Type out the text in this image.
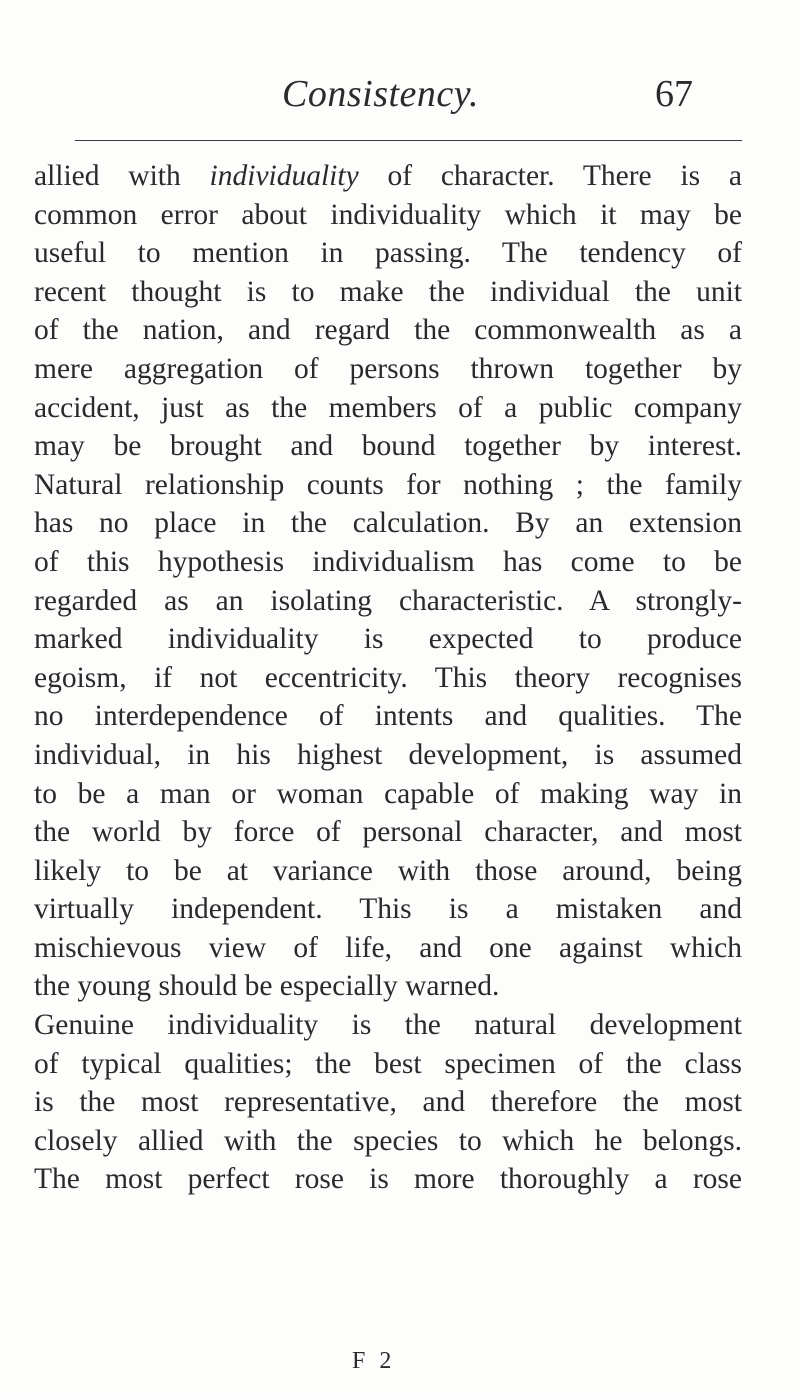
Consistency.	67
allied with individuality of character. There is a
common error about individuality which it may be
useful to mention in passing. The tendency of
recent thought is to make the individual the unit
of the nation, and regard the commonwealth as a
mere aggregation of persons thrown together by
accident, just as the members of a public company
may be brought and bound together by interest.
Natural relationship counts for nothing ; the family
has no place in the calculation. By an extension
of this hypothesis individualism has come to be
regarded as an isolating characteristic. A strongly-
marked individuality is expected to produce
egoism, if not eccentricity. This theory recognises
no interdependence of intents and qualities. The
individual, in his highest development, is assumed
to be a man or woman capable of making way in
the world by force of personal character, and most
likely to be at variance with those around, being
virtually independent. This is a mistaken and
mischievous view of life, and one against which
the young should be especially warned.
Genuine individuality is the natural development
of typical qualities; the best specimen of the class
is the most representative, and therefore the most
closely allied with the species to which he belongs.
The most perfect rose is more thoroughly a rose
F 2
